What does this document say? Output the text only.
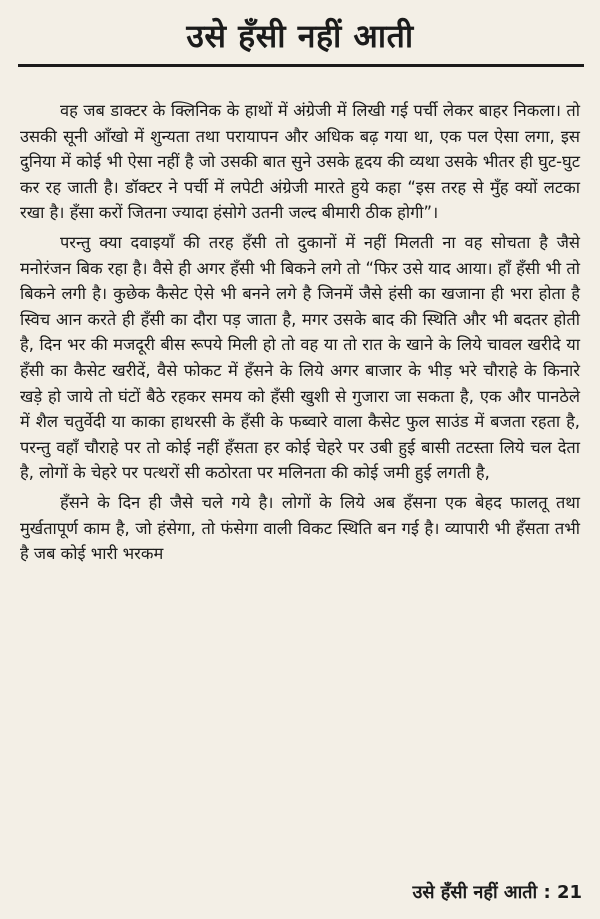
उसे हँसी नहीं आती

वह जब डाक्टर के क्लिनिक के हाथों में अंग्रेजी में लिखी गई पर्ची लेकर बाहर निकला। तो उसकी सूनी आँखो में शुन्यता तथा परायापन और अधिक बढ़ गया था, एक पल ऐसा लगा, इस दुनिया में कोई भी ऐसा नहीं है जो उसकी बात सुने उसके हृदय की व्यथा उसके भीतर ही घुट-घुट कर रह जाती है। डॉक्टर ने पर्ची में लपेटी अंग्रेजी मारते हुये कहा “इस तरह से मुँह क्यों लटका रखा है। हँसा करों जितना ज्यादा हंसोगे उतनी जल्द बीमारी ठीक होगी”।

परन्तु क्या दवाइयाँ की तरह हँसी तो दुकानों में नहीं मिलती ना वह सोचता है जैसे मनोरंजन बिक रहा है। वैसे ही अगर हँसी भी बिकने लगे तो “फिर उसे याद आया। हाँ हँसी भी तो बिकने लगी है। कुछेक कैसेट ऐसे भी बनने लगे है जिनमें जैसे हंसी का खजाना ही भरा होता है स्विच आन करते ही हँसी का दौरा पड़ जाता है, मगर उसके बाद की स्थिति और भी बदतर होती है, दिन भर की मजदूरी बीस रूपये मिली हो तो वह या तो रात के खाने के लिये चावल खरीदे या हँसी का कैसेट खरीदें, वैसे फोकट में हँसने के लिये अगर बाजार के भीड़ भरे चौराहे के किनारे खड़े हो जाये तो घंटों बैठे रहकर समय को हँसी खुशी से गुजारा जा सकता है, एक और पानठेले में शैल चतुर्वेदी या काका हाथरसी के हँसी के फब्वारे वाला कैसेट फुल साउंड में बजता रहता है, परन्तु वहाँ चौराहे पर तो कोई नहीं हँसता हर कोई चेहरे पर उबी हुई बासी तटस्ता लिये चल देता है, लोगों के चेहरे पर पत्थरों सी कठोरता पर मलिनता की कोई जमी हुई लगती है,

हँसने के दिन ही जैसे चले गये है। लोगों के लिये अब हँसना एक बेहद फालतू तथा मुर्खतापूर्ण काम है, जो हंसेगा, तो फंसेगा वाली विकट स्थिति बन गई है। व्यापारी भी हँसता तभी है जब कोई भारी भरकम

उसे हँसी नहीं आती : 21
